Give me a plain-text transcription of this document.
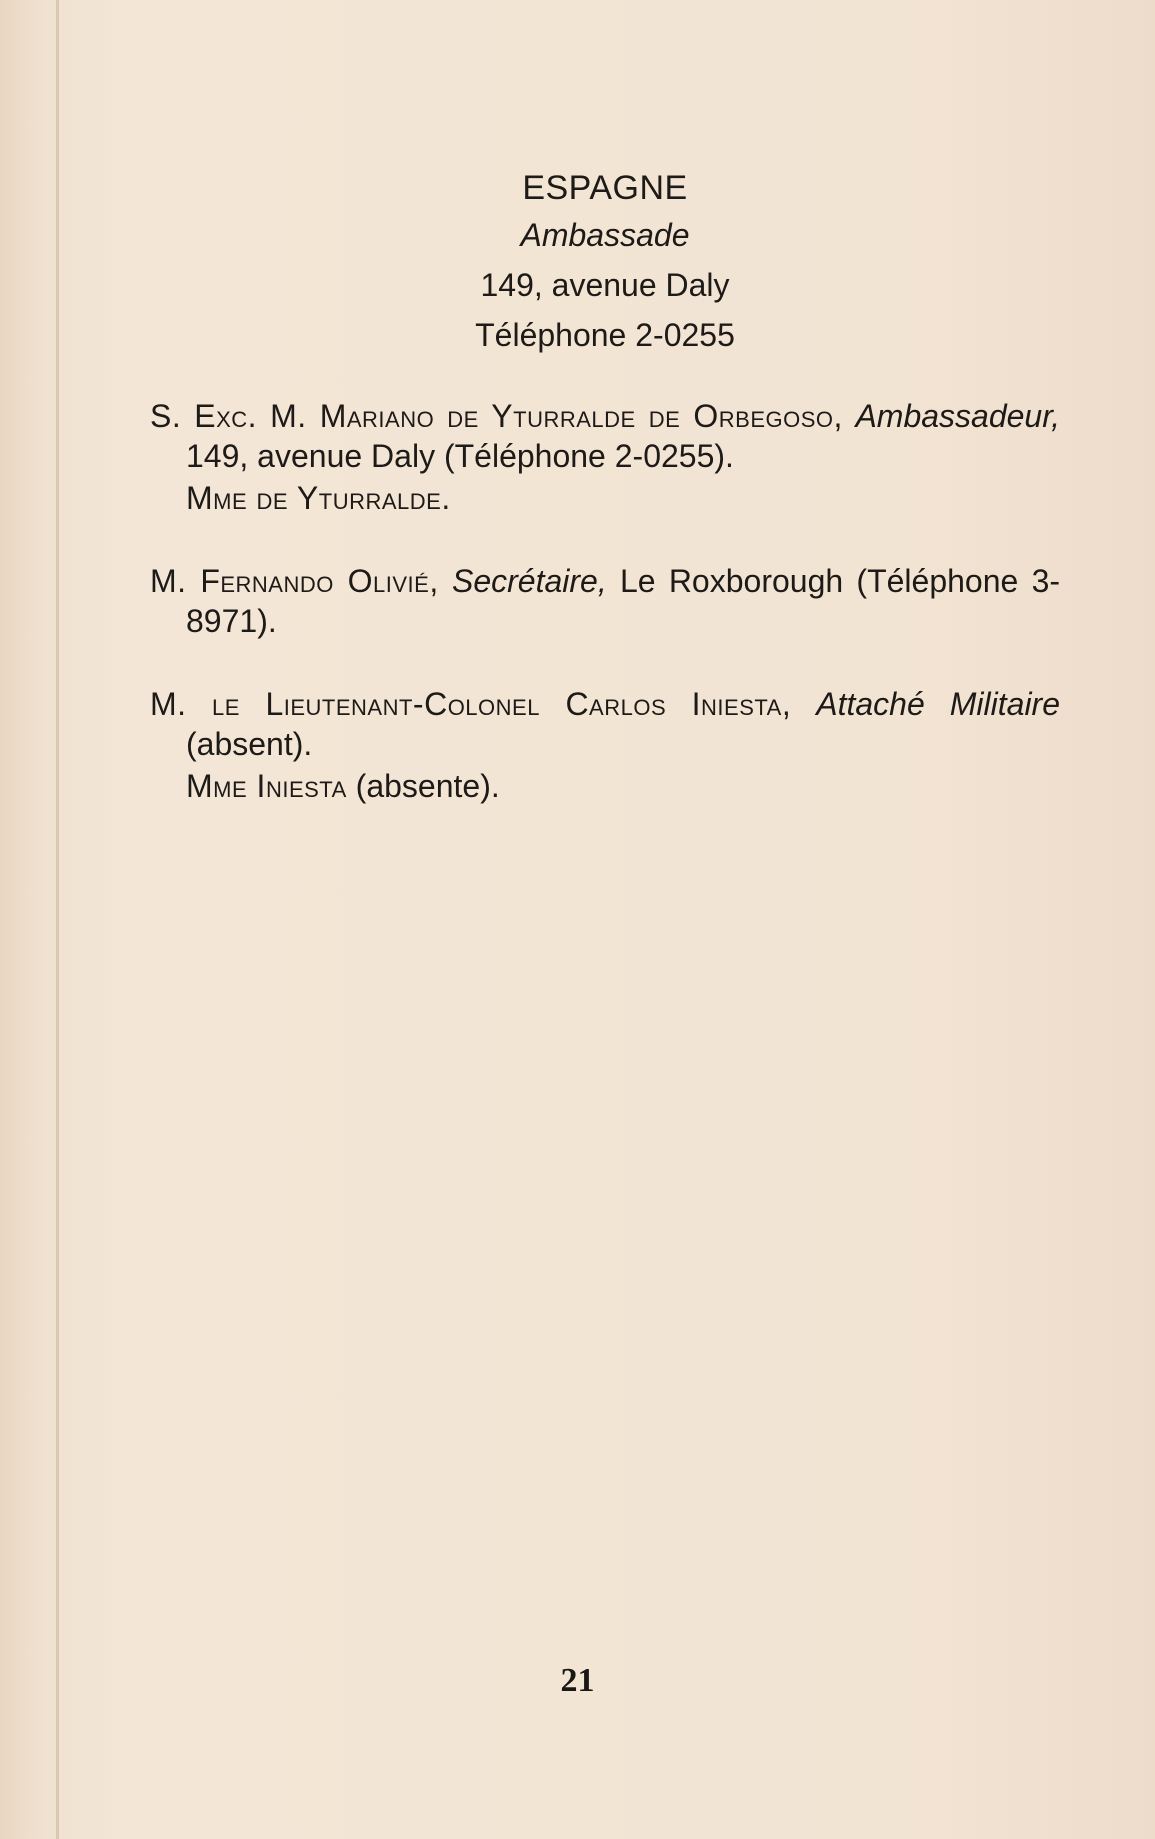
ESPAGNE
Ambassade
149, avenue Daly
Téléphone 2-0255
S. Exc. M. Mariano de Yturralde de Orbegoso, Ambassadeur, 149, avenue Daly (Téléphone 2-0255).
Mme de Yturralde.
M. Fernando Olivié, Secrétaire, Le Roxborough (Téléphone 3-8971).
M. le Lieutenant-Colonel Carlos Iniesta, Attaché Militaire (absent).
Mme Iniesta (absente).
21
